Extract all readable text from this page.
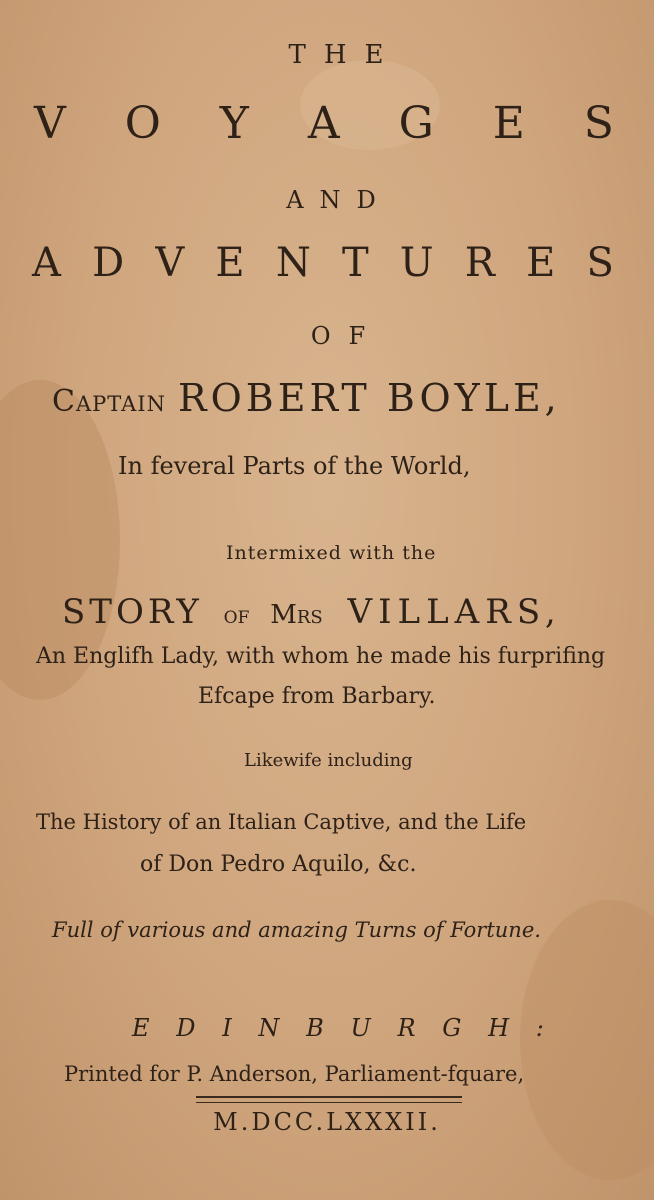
THE

V O Y A G E S

AND

A D V E N T U R E S

OF

Captain ROBERT BOYLE,

In feveral Parts of the World,

Intermixed with the

STORY of Mrs VILLARS,

An Englifh Lady, with whom he made his furprifing

Efcape from Barbary.

Likewife including

The History of an Italian Captive, and the Life

of Don Pedro Aquilo, &c.

Full of various and amazing Turns of Fortune.

E D I N B U R G H :

Printed for P. Anderson, Parliament-fquare,

M.DCC.LXXXII.
